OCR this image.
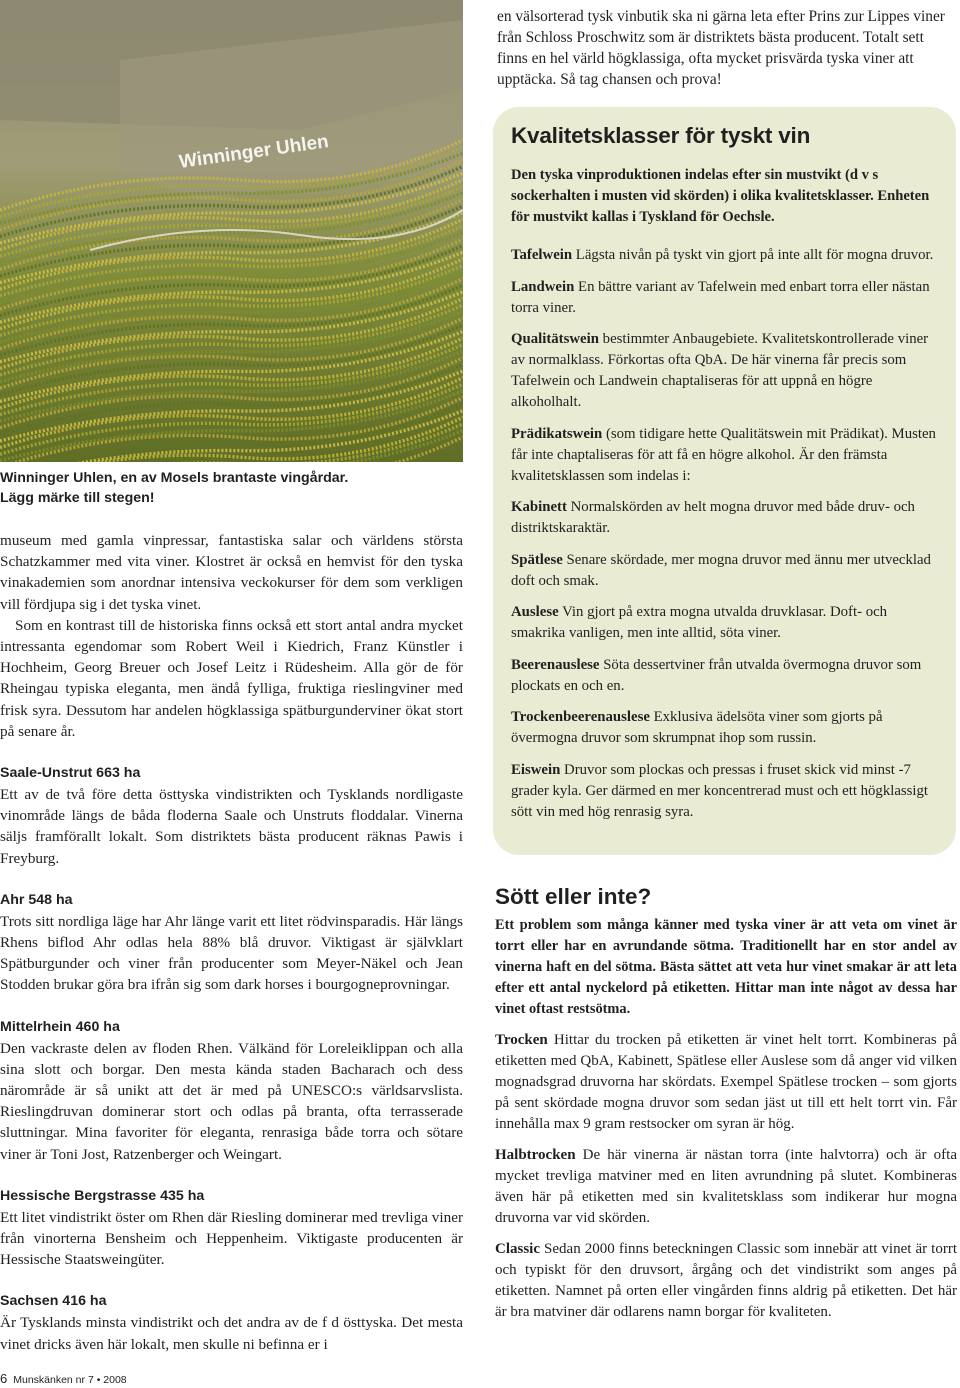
Winninger Uhlen
Winninger Uhlen, en av Mosels brantaste vingårdar.
Lägg märke till stegen!

museum med gamla vinpressar, fantastiska salar och världens största Schatzkammer med vita viner. Klostret är också en hemvist för den tyska vinakademien som anordnar intensiva veckokurser för dem som verkligen vill fördjupa sig i det tyska vinet.

Som en kontrast till de historiska finns också ett stort antal andra mycket intressanta egendomar som Robert Weil i Kiedrich, Franz Künstler i Hochheim, Georg Breuer och Josef Leitz i Rüdesheim. Alla gör de för Rheingau typiska eleganta, men ändå fylliga, fruktiga rieslingviner med frisk syra. Dessutom har andelen högklassiga spätburgunderviner ökat stort på senare år.

Saale-Unstrut 663 ha

Ett av de två före detta östtyska vindistrikten och Tysklands nordligaste vinområde längs de båda floderna Saale och Unstruts floddalar. Vinerna säljs framförallt lokalt. Som distriktets bästa producent räknas Pawis i Freyburg.

Ahr 548 ha

Trots sitt nordliga läge har Ahr länge varit ett litet rödvinsparadis. Här längs Rhens biflod Ahr odlas hela 88% blå druvor. Viktigast är självklart Spätburgunder och viner från producenter som Meyer-Näkel och Jean Stodden brukar göra bra ifrån sig som dark horses i bourgogneprovningar.

Mittelrhein 460 ha

Den vackraste delen av floden Rhen. Välkänd för Loreleiklippan och alla sina slott och borgar. Den mesta kända staden Bacharach och dess närområde är så unikt att det är med på UNESCO:s världsarvslista. Rieslingdruvan dominerar stort och odlas på branta, ofta terrasserade sluttningar. Mina favoriter för eleganta, renrasiga både torra och sötare viner är Toni Jost, Ratzenberger och Weingart.

Hessische Bergstrasse 435 ha

Ett litet vindistrikt öster om Rhen där Riesling dominerar med trevliga viner från vinorterna Bensheim och Heppenheim. Viktigaste producenten är Hessische Staatsweingüter.

Sachsen 416 ha

Är Tysklands minsta vindistrikt och det andra av de f d östtyska. Det mesta vinet dricks även här lokalt, men skulle ni befinna er i

en välsorterad tysk vinbutik ska ni gärna leta efter Prins zur Lippes viner från Schloss Proschwitz som är distriktets bästa producent. Totalt sett finns en hel värld högklassiga, ofta mycket prisvärda tyska viner att upptäcka. Så tag chansen och prova!

Kvalitetsklasser för tyskt vin

Den tyska vinproduktionen indelas efter sin mustvikt (d v s sockerhalten i musten vid skörden) i olika kvalitetsklasser. Enheten för mustvikt kallas i Tyskland för Oechsle.

Tafelwein Lägsta nivån på tyskt vin gjort på inte allt för mogna druvor.

Landwein En bättre variant av Tafelwein med enbart torra eller nästan torra viner.

Qualitätswein bestimmter Anbaugebiete. Kvalitetskontrollerade viner av normalklass. Förkortas ofta QbA. De här vinerna får precis som Tafelwein och Landwein chaptaliseras för att uppnå en högre alkoholhalt.

Prädikatswein (som tidigare hette Qualitätswein mit Prädikat). Musten får inte chaptaliseras för att få en högre alkohol. Är den främsta kvalitetsklassen som indelas i:

Kabinett Normalskörden av helt mogna druvor med både druv- och distriktskaraktär.

Spätlese Senare skördade, mer mogna druvor med ännu mer utvecklad doft och smak.

Auslese Vin gjort på extra mogna utvalda druvklasar. Doft- och smakrika vanligen, men inte alltid, söta viner.

Beerenauslese Söta dessertviner från utvalda övermogna druvor som plockats en och en.

Trockenbeerenauslese Exklusiva ädelsöta viner som gjorts på övermogna druvor som skrumpnat ihop som russin.

Eiswein Druvor som plockas och pressas i fruset skick vid minst -7 grader kyla. Ger därmed en mer koncentrerad must och ett högklassigt sött vin med hög renrasig syra.

Sött eller inte?

Ett problem som många känner med tyska viner är att veta om vinet är torrt eller har en avrundande sötma. Traditionellt har en stor andel av vinerna haft en del sötma. Bästa sättet att veta hur vinet smakar är att leta efter ett antal nyckelord på etiketten. Hittar man inte något av dessa har vinet oftast restsötma.

Trocken Hittar du trocken på etiketten är vinet helt torrt. Kombineras på etiketten med QbA, Kabinett, Spätlese eller Auslese som då anger vid vilken mognadsgrad druvorna har skördats. Exempel Spätlese trocken – som gjorts på sent skördade mogna druvor som sedan jäst ut till ett helt torrt vin. Får innehålla max 9 gram restsocker om syran är hög.

Halbtrocken De här vinerna är nästan torra (inte halvtorra) och är ofta mycket trevliga matviner med en liten avrundning på slutet. Kombineras även här på etiketten med sin kvalitetsklass som indikerar hur mogna druvorna var vid skörden.

Classic Sedan 2000 finns beteckningen Classic som innebär att vinet är torrt och typiskt för den druvsort, årgång och det vindistrikt som anges på etiketten. Namnet på orten eller vingården finns aldrig på etiketten. Det här är bra matviner där odlarens namn borgar för kvaliteten.

6 Munskänken nr 7 • 2008
